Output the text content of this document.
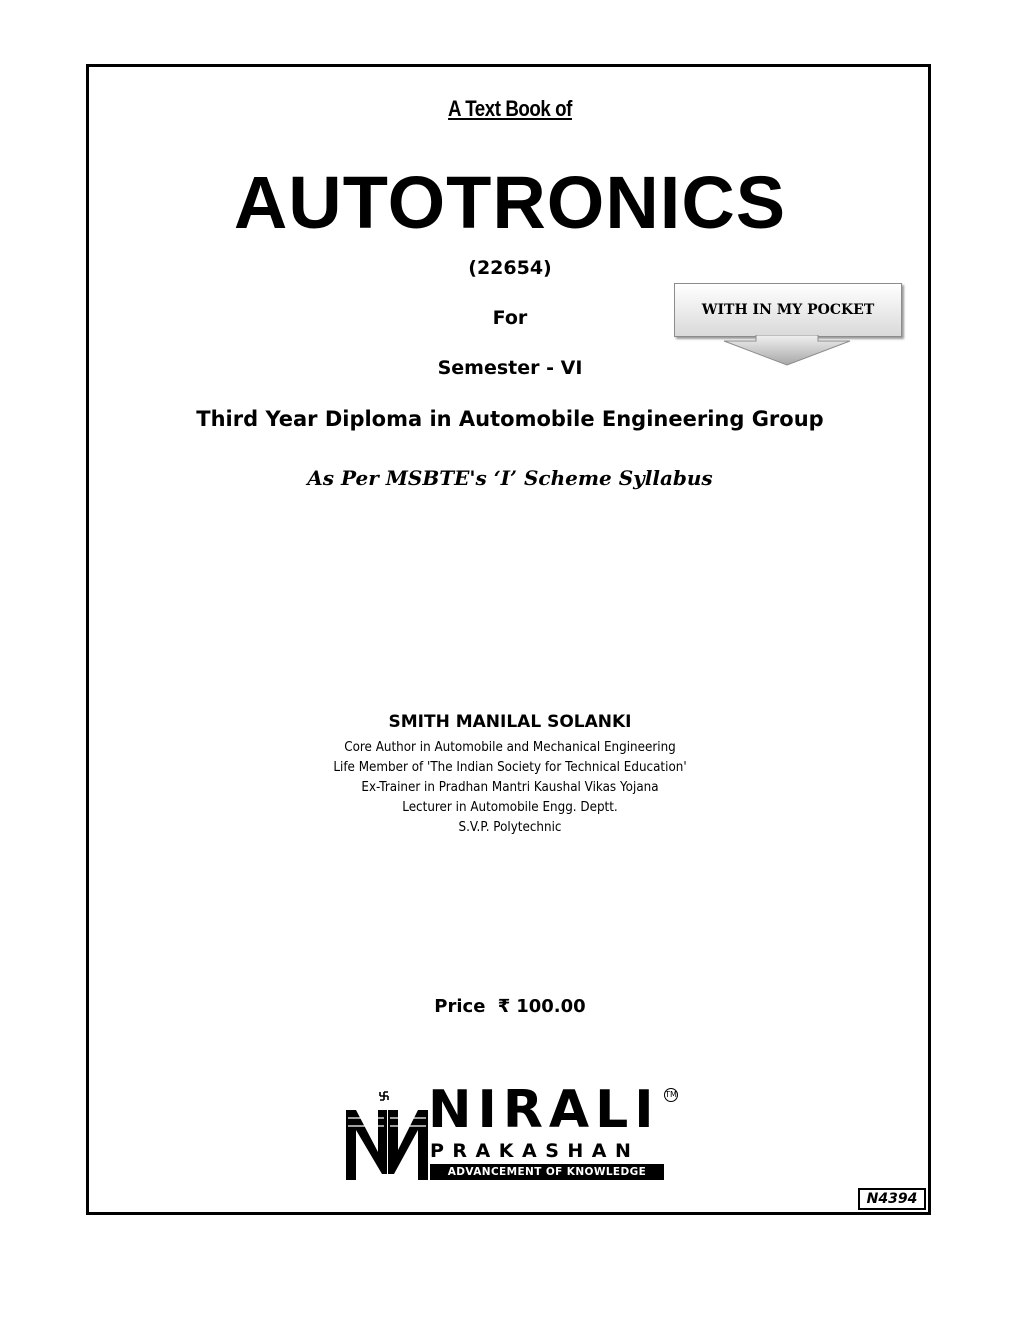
A Text Book of
AUTOTRONICS
(22654)
For
Semester - VI
Third Year Diploma in Automobile Engineering Group
As Per MSBTE's ‘I’ Scheme Syllabus
WITH IN MY POCKET
SMITH MANILAL SOLANKI
Core Author in Automobile and Mechanical Engineering
Life Member of 'The Indian Society for Technical Education'
Ex-Trainer in Pradhan Mantri Kaushal Vikas Yojana
Lecturer in Automobile Engg. Deptt.
S.V.P. Polytechnic
Price ₹ 100.00
NIRALI TM
PRAKASHAN
ADVANCEMENT OF KNOWLEDGE
N4394
